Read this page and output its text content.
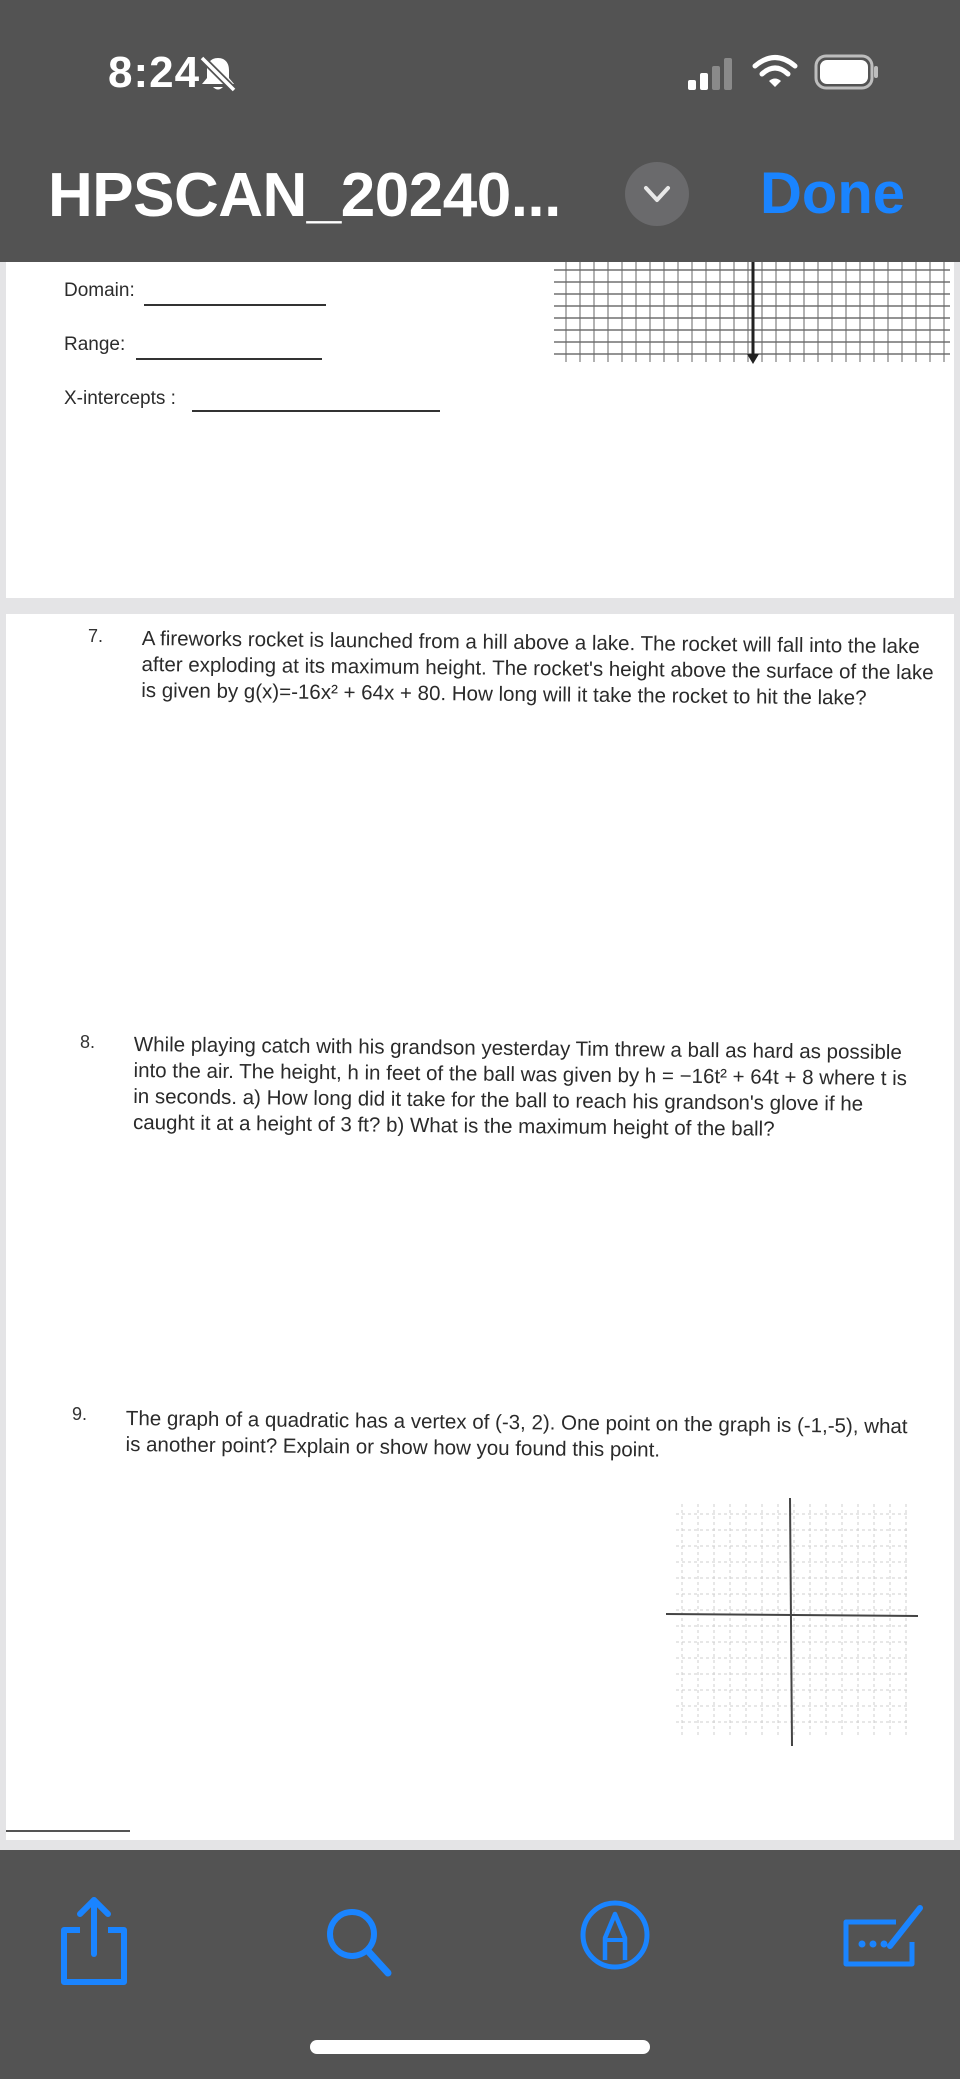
8:24
HPSCAN_20240...	Done
Domain:
Range:
X-intercepts :
7. A fireworks rocket is launched from a hill above a lake. The rocket will fall into the lake
after exploding at its maximum height. The rocket's height above the surface of the lake
is given by g(x)=-16x² + 64x + 80. How long will it take the rocket to hit the lake?
8. While playing catch with his grandson yesterday Tim threw a ball as hard as possible
into the air. The height, h in feet of the ball was given by h = −16t² + 64t + 8 where t is
in seconds. a) How long did it take for the ball to reach his grandson's glove if he
caught it at a height of 3 ft? b) What is the maximum height of the ball?
9. The graph of a quadratic has a vertex of (-3, 2). One point on the graph is (-1,-5), what
is another point? Explain or show how you found this point.
